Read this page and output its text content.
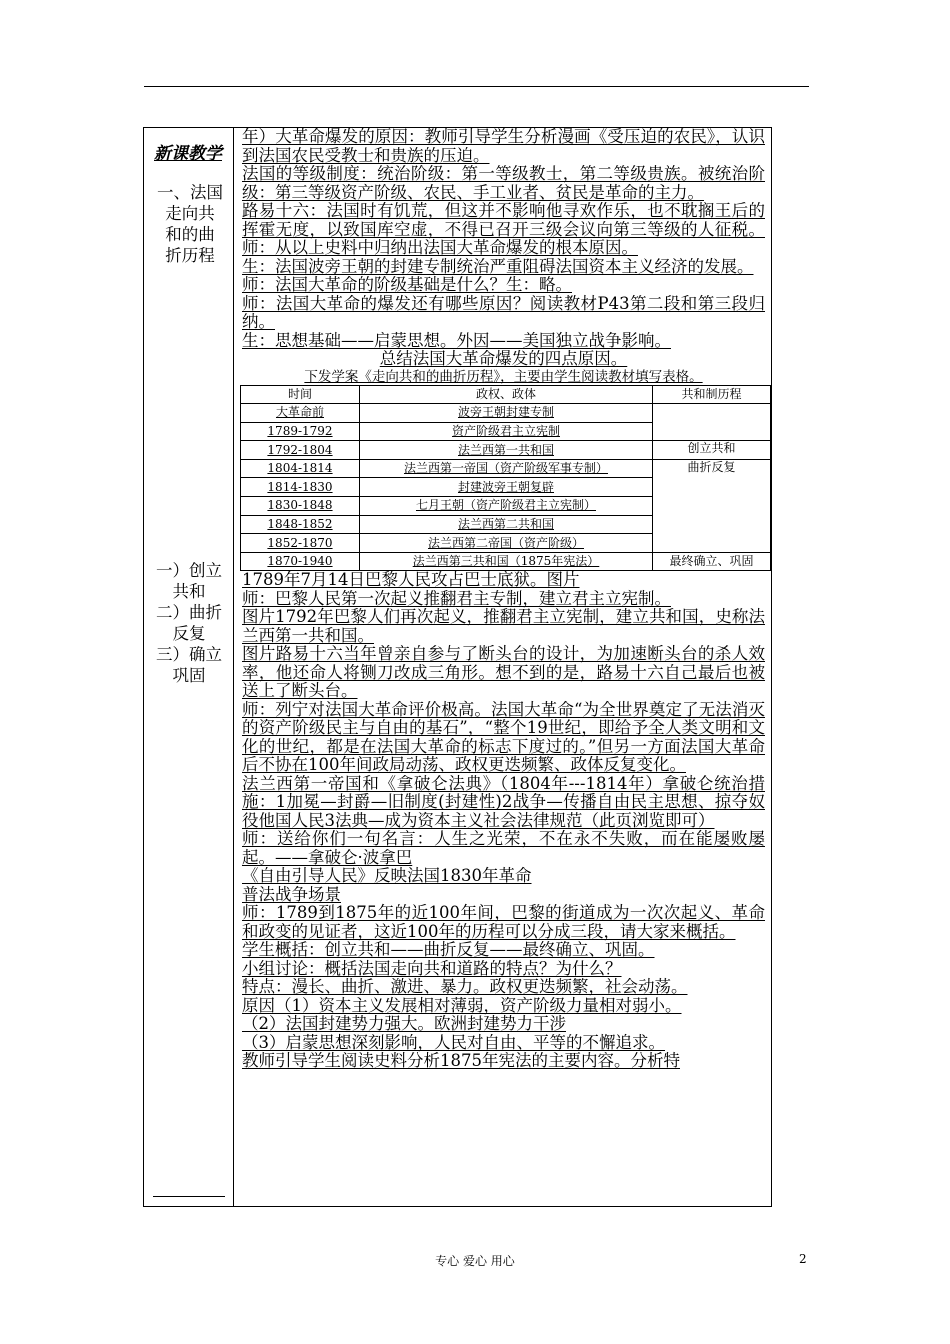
新课教学
一、法国
走向共
和的曲
折历程
一）创立
共和
二）曲折
反复
三）确立
巩固

年）大革命爆发的原因：教师引导学生分析漫画《受压迫的农民》，认识到法国农民受教士和贵族的压迫。

法国的等级制度：统治阶级：第一等级教士，第二等级贵族。被统治阶级：第三等级资产阶级、农民、手工业者、贫民是革命的主力。

路易十六：法国时有饥荒，但这并不影响他寻欢作乐，也不耽搁王后的挥霍无度，以致国库空虚，不得已召开三级会议向第三等级的人征税。师：从以上史料中归纳出法国大革命爆发的根本原因。

生：法国波旁王朝的封建专制统治严重阻碍法国资本主义经济的发展。

师：法国大革命的阶级基础是什么？生：略。

师：法国大革命的爆发还有哪些原因？阅读教材P43第二段和第三段归纳。

生：思想基础——启蒙思想。外因——美国独立战争影响。

总结法国大革命爆发的四点原因。

下发学案《走向共和的曲折历程》，主要由学生阅读教材填写表格。

时间	政权、政体	共和制历程
大革命前	波旁王朝封建专制	
1789-1792	资产阶级君主立宪制	
1792-1804	法兰西第一共和国	创立共和
1804-1814	法兰西第一帝国（资产阶级军事专制）	曲折反复
1814-1830	封建波旁王朝复辟	
1830-1848	七月王朝（资产阶级君主立宪制）	
1848-1852	法兰西第二共和国	
1852-1870	法兰西第二帝国（资产阶级）	
1870-1940	法兰西第三共和国（1875年宪法）	最终确立、巩固

1789年7月14日巴黎人民攻占巴士底狱。图片

师：巴黎人民第一次起义推翻君主专制，建立君主立宪制。

图片1792年巴黎人们再次起义，推翻君主立宪制，建立共和国，史称法兰西第一共和国。

图片路易十六当年曾亲自参与了断头台的设计，为加速断头台的杀人效率，他还命人将铡刀改成三角形。想不到的是，路易十六自己最后也被送上了断头台。

师：列宁对法国大革命评价极高。法国大革命“为全世界奠定了无法消灭的资产阶级民主与自由的基石”，“整个19世纪，即给予全人类文明和文化的世纪，都是在法国大革命的标志下度过的。”但另一方面法国大革命后不协在100年间政局动荡、政权更迭频繁、政体反复变化。

法兰西第一帝国和《拿破仑法典》（1804年---1814年）拿破仑统治措施：1加冕—封爵—旧制度(封建性)2战争—传播自由民主思想、掠夺奴役他国人民3法典—成为资本主义社会法律规范（此页浏览即可）

师：送给你们一句名言：人生之光荣，不在永不失败，而在能屡败屡起。——拿破仑·波拿巴

《自由引导人民》反映法国1830年革命

普法战争场景

师：1789到1875年的近100年间，巴黎的街道成为一次次起义、革命和政变的见证者，这近100年的历程可以分成三段，请大家来概括。

学生概括：创立共和——曲折反复——最终确立、巩固。

小组讨论：概括法国走向共和道路的特点？为什么？

特点：漫长、曲折、激进、暴力。政权更迭频繁，社会动荡。

原因（1）资本主义发展相对薄弱，资产阶级力量相对弱小。

（2）法国封建势力强大。欧洲封建势力干涉

（3）启蒙思想深刻影响，人民对自由、平等的不懈追求。

教师引导学生阅读史料分析1875年宪法的主要内容。分析特

专心 爱心 用心	2
